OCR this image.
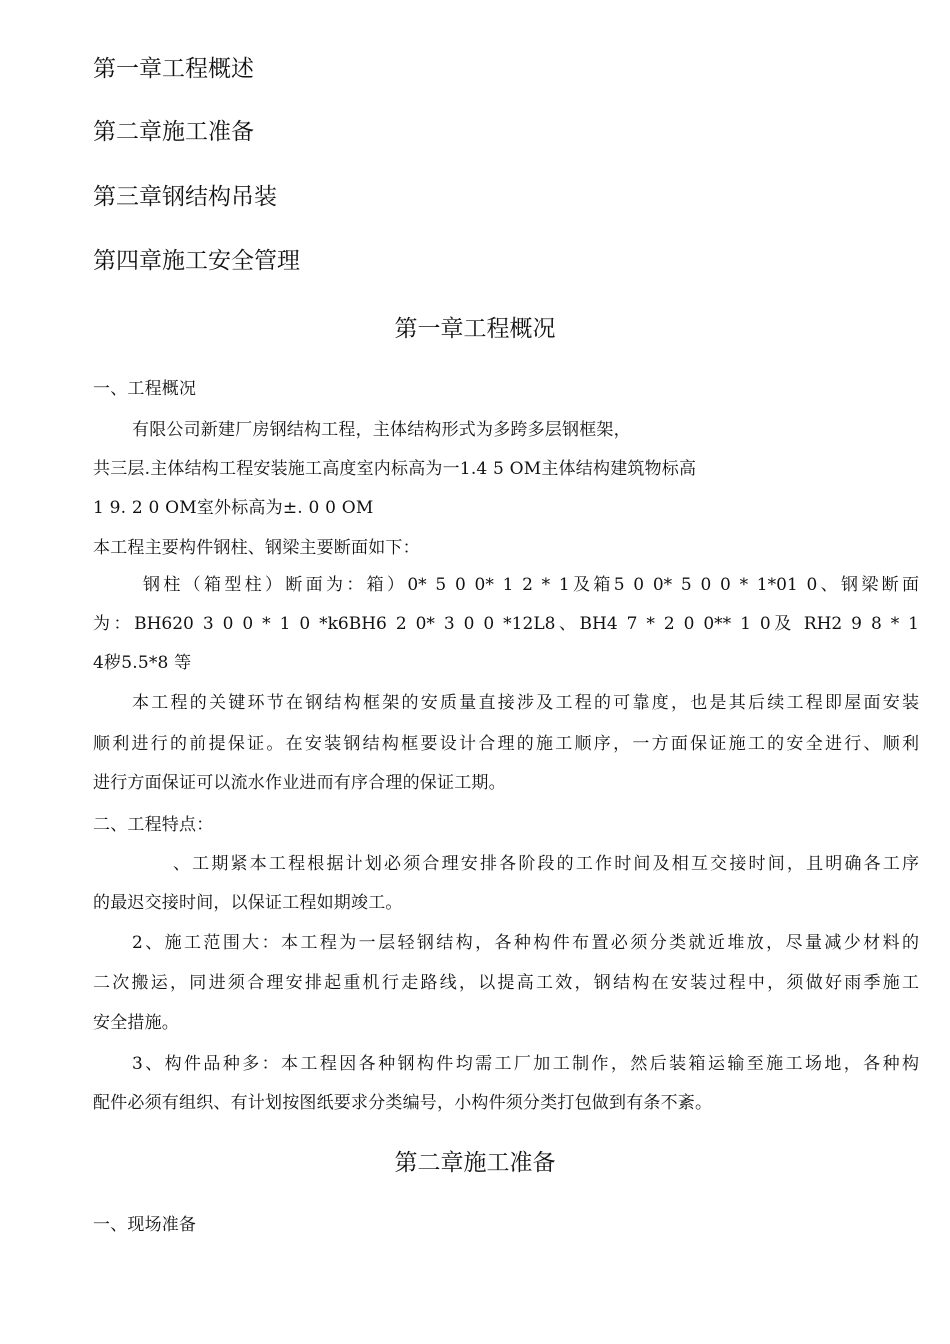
第一章工程概述
第二章施工准备
第三章钢结构吊装
第四章施工安全管理
第一章工程概况
一、工程概况
有限公司新建厂房钢结构工程，主体结构形式为多跨多层钢框架，
共三层.主体结构工程安装施工高度室内标高为一1.4 5 OM主体结构建筑物标高
1 9. 2 0 OM室外标高为±. 0 0 OM
本工程主要构件钢柱、钢梁主要断面如下：
钢柱（箱型柱）断面为：箱）0* 5 0 0* 1 2 * 1及箱5 0 0* 5 0 0 * 1*01 0、钢梁断面
为：BH620 3 0 0 * 1 0 *k6BH6 2 0* 3 0 0 *12L8、BH4 7 * 2 0 0** 1 0及 RH2 9 8 * 1
4秽5.5*8 等
本工程的关键环节在钢结构框架的安质量直接涉及工程的可靠度，也是其后续工程即屋面安装
顺利进行的前提保证。在安装钢结构框要设计合理的施工顺序，一方面保证施工的安全进行、顺利
进行方面保证可以流水作业进而有序合理的保证工期。
二、工程特点：
、工期紧本工程根据计划必须合理安排各阶段的工作时间及相互交接时间，且明确各工序
的最迟交接时间，以保证工程如期竣工。
2、施工范围大：本工程为一层轻钢结构，各种构件布置必须分类就近堆放，尽量减少材料的
二次搬运，同进须合理安排起重机行走路线，以提高工效，钢结构在安装过程中，须做好雨季施工
安全措施。
3、构件品种多：本工程因各种钢构件均需工厂加工制作，然后装箱运输至施工场地，各种构
配件必须有组织、有计划按图纸要求分类编号，小构件须分类打包做到有条不紊。
第二章施工准备
一、现场准备
